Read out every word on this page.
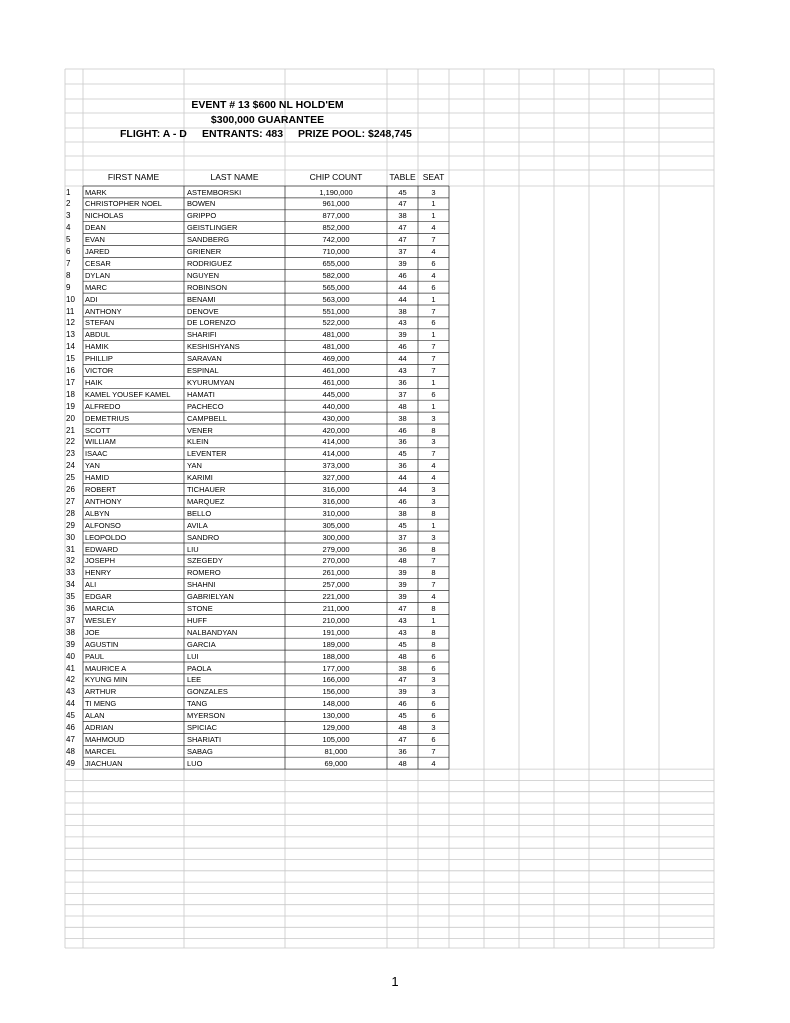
EVENT # 13 $600 NL HOLD'EM
$300,000 GUARANTEE
FLIGHT: A - D ENTRANTS: 483 PRIZE POOL: $248,745
FIRST NAME	LAST NAME	CHIP COUNT	TABLE SEAT
1	MARK	ASTEMBORSKI	1,190,000	45	3
2	CHRISTOPHER NOEL	BOWEN	961,000	47	1
3	NICHOLAS	GRIPPO	877,000	38	1
4	DEAN	GEISTLINGER	852,000	47	4
5	EVAN	SANDBERG	742,000	47	7
6	JARED	GRIENER	710,000	37	4
7	CESAR	RODRIGUEZ	655,000	39	6
8	DYLAN	NGUYEN	582,000	46	4
9	MARC	ROBINSON	565,000	44	6
10	ADI	BENAMI	563,000	44	1
11	ANTHONY	DENOVE	551,000	38	7
12	STEFAN	DE LORENZO	522,000	43	6
13	ABDUL	SHARIFI	481,000	39	1
14	HAMIK	KESHISHYANS	481,000	46	7
15	PHILLIP	SARAVAN	469,000	44	7
16	VICTOR	ESPINAL	461,000	43	7
17	HAIK	KYURUMYAN	461,000	36	1
18	KAMEL YOUSEF KAMEL	HAMATI	445,000	37	6
19	ALFREDO	PACHECO	440,000	48	1
20	DEMETRIUS	CAMPBELL	430,000	38	3
21	SCOTT	VENER	420,000	46	8
22	WILLIAM	KLEIN	414,000	36	3
23	ISAAC	LEVENTER	414,000	45	7
24	YAN	YAN	373,000	36	4
25	HAMID	KARIMI	327,000	44	4
26	ROBERT	TICHAUER	316,000	44	3
27	ANTHONY	MARQUEZ	316,000	46	3
28	ALBYN	BELLO	310,000	38	8
29	ALFONSO	AVILA	305,000	45	1
30	LEOPOLDO	SANDRO	300,000	37	3
31	EDWARD	LIU	279,000	36	8
32	JOSEPH	SZEGEDY	270,000	48	7
33	HENRY	ROMERO	261,000	39	8
34	ALI	SHAHNI	257,000	39	7
35	EDGAR	GABRIELYAN	221,000	39	4
36	MARCIA	STONE	211,000	47	8
37	WESLEY	HUFF	210,000	43	1
38	JOE	NALBANDYAN	191,000	43	8
39	AGUSTIN	GARCIA	189,000	45	8
40	PAUL	LUI	188,000	48	6
41	MAURICE A	PAOLA	177,000	38	6
42	KYUNG MIN	LEE	166,000	47	3
43	ARTHUR	GONZALES	156,000	39	3
44	TI MENG	TANG	148,000	46	6
45	ALAN	MYERSON	130,000	45	6
46	ADRIAN	SPICIAC	129,000	48	3
47	MAHMOUD	SHARIATI	105,000	47	6
48	MARCEL	SABAG	81,000	36	7
49	JIACHUAN	LUO	69,000	48	4
1
